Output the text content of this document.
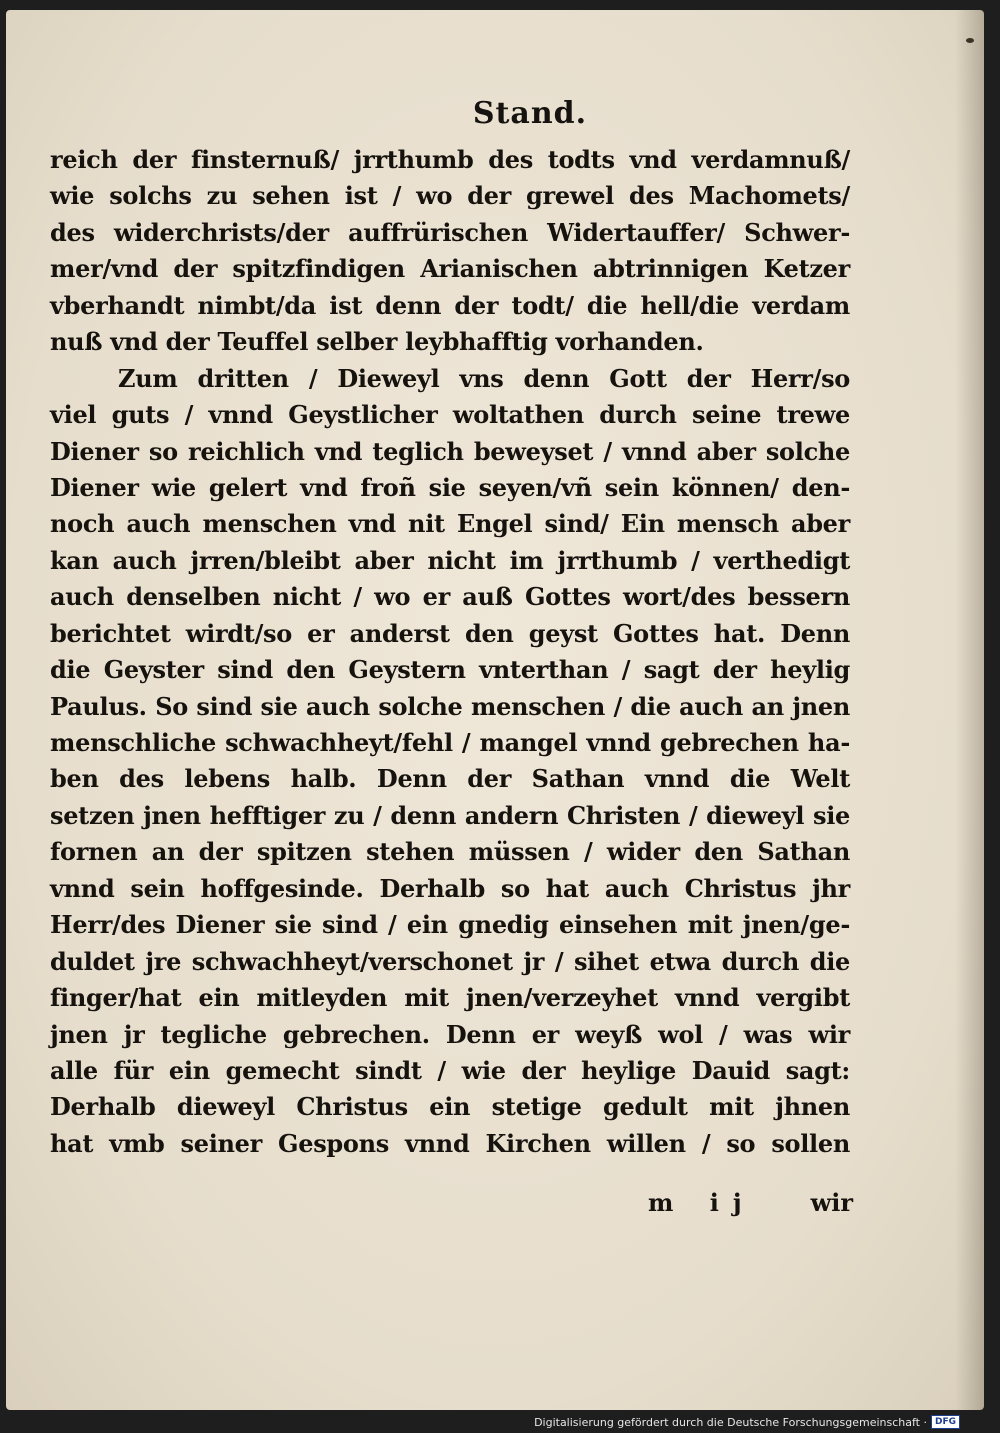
Stand.
reich der finsternuß/ jrrthumb des todts vnd verdamnuß/
wie solchs zu sehen ist / wo der grewel des Machomets/
des widerchrists/der auffrürischen Widertauffer/ Schwer-
mer/vnd der spitzfindigen Arianischen abtrinnigen Ketzer
vberhandt nimbt/da ist denn der todt/ die hell/die verdam
nuß vnd der Teuffel selber leybhafftig vorhanden.
Zum dritten / Dieweyl vns denn Gott der Herr/so
viel guts / vnnd Geystlicher woltathen durch seine trewe
Diener so reichlich vnd teglich beweyset / vnnd aber solche
Diener wie gelert vnd froñ sie seyen/vñ sein können/ den-
noch auch menschen vnd nit Engel sind/ Ein mensch aber
kan auch jrren/bleibt aber nicht im jrrthumb / verthedigt
auch denselben nicht / wo er auß Gottes wort/des bessern
berichtet wirdt/so er anderst den geyst Gottes hat. Denn
die Geyster sind den Geystern vnterthan / sagt der heylig
Paulus. So sind sie auch solche menschen / die auch an jnen
menschliche schwachheyt/fehl / mangel vnnd gebrechen ha-
ben des lebens halb. Denn der Sathan vnnd die Welt
setzen jnen hefftiger zu / denn andern Christen / dieweyl sie
fornen an der spitzen stehen müssen / wider den Sathan
vnnd sein hoffgesinde. Derhalb so hat auch Christus jhr
Herr/des Diener sie sind / ein gnedig einsehen mit jnen/ge-
duldet jre schwachheyt/verschonet jr / sihet etwa durch die
finger/hat ein mitleyden mit jnen/verzeyhet vnnd vergibt
jnen jr tegliche gebrechen. Denn er weyß wol / was wir
alle für ein gemecht sindt / wie der heylige Dauid sagt:
Derhalb dieweyl Christus ein stetige gedult mit jhnen
hat vmb seiner Gespons vnnd Kirchen willen / so sollen
m ij wir
Digitalisierung gefördert durch die Deutsche Forschungsgemeinschaft · DFG
